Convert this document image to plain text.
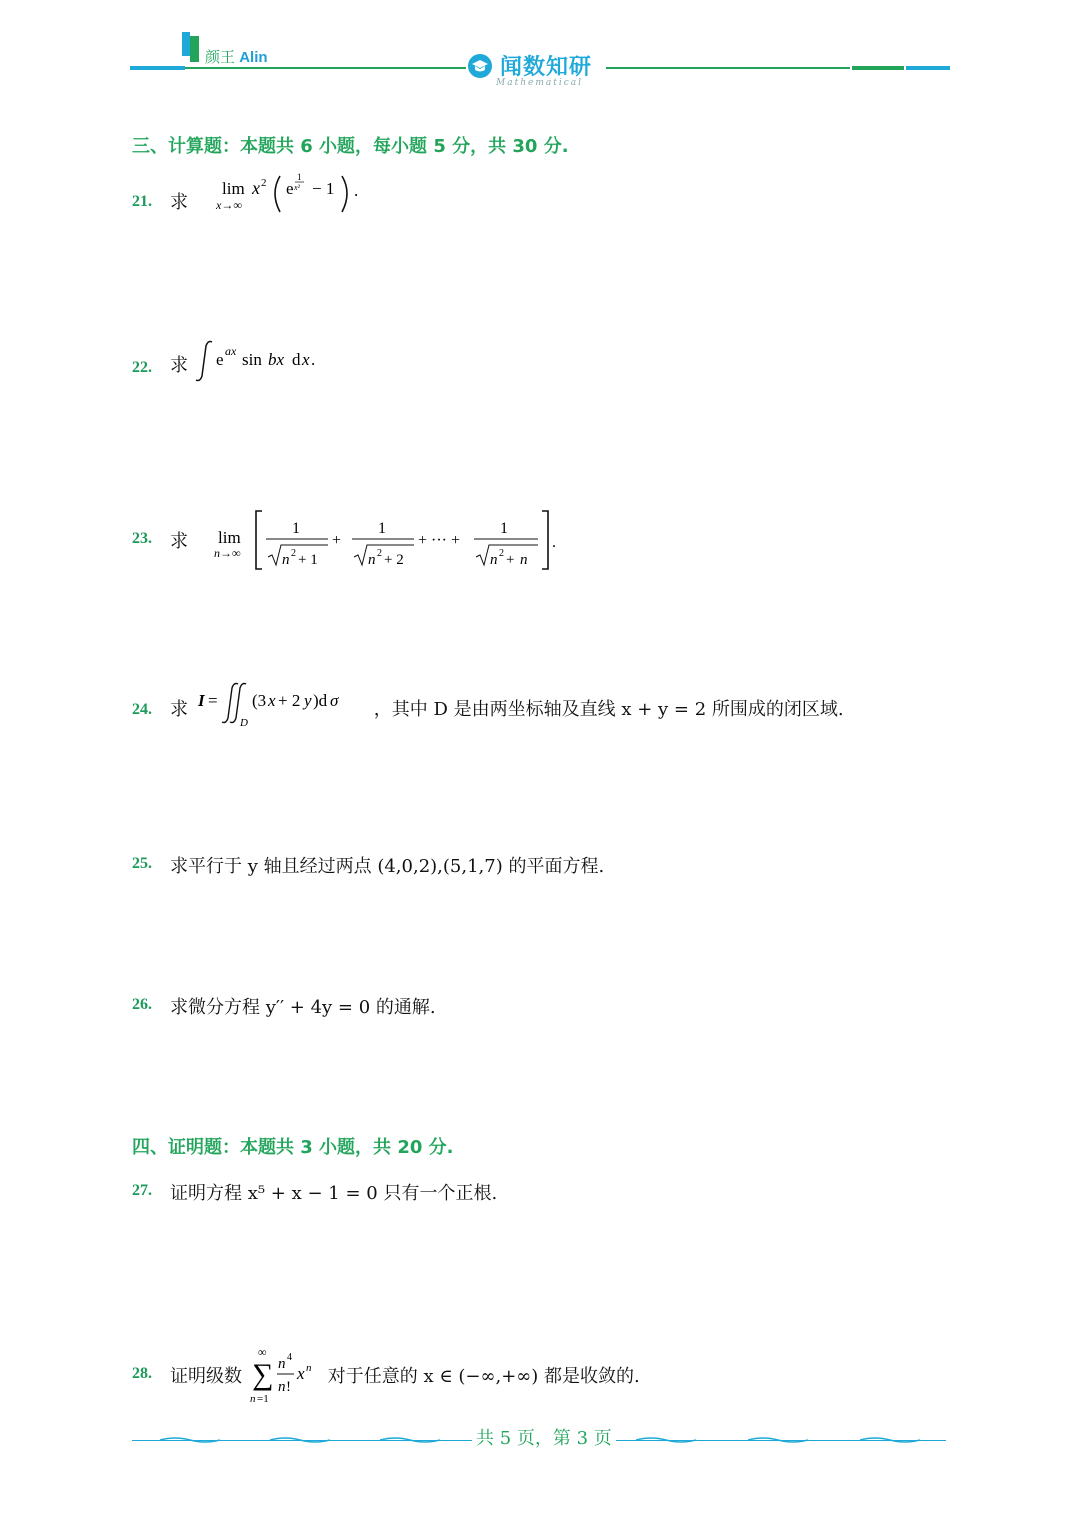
颜王 Alin	闻数知研
Mathematical
三、计算题：本题共 6 小题，每小题 5 分，共 30 分.
21. 求
lim
x→∞
x 2 e
1
x² − 1 .
22. 求 e ax sin bx d x .
23. 求 lim
n→∞
1
n 2 + 1
+
1
n 2 + 2
+ ··· +
1
n 2 + n
.
24. 求 I =
D
(3 x + 2 y )d σ ，其中 D 是由两坐标轴及直线 x + y = 2 所围成的闭区域.
25. 求平行于 y 轴且经过两点 (4,0,2),(5,1,7) 的平面方程.
26. 求微分方程 y′′ + 4y = 0 的通解.
四、证明题：本题共 3 小题，共 20 分.
27. 证明方程 x⁵ + x − 1 = 0 只有一个正根.
28. 证明级数
∞
∑
n =1
n 4
n !
x n 对于任意的 x ∈ (−∞,+∞) 都是收敛的.
共 5 页，第 3 页
